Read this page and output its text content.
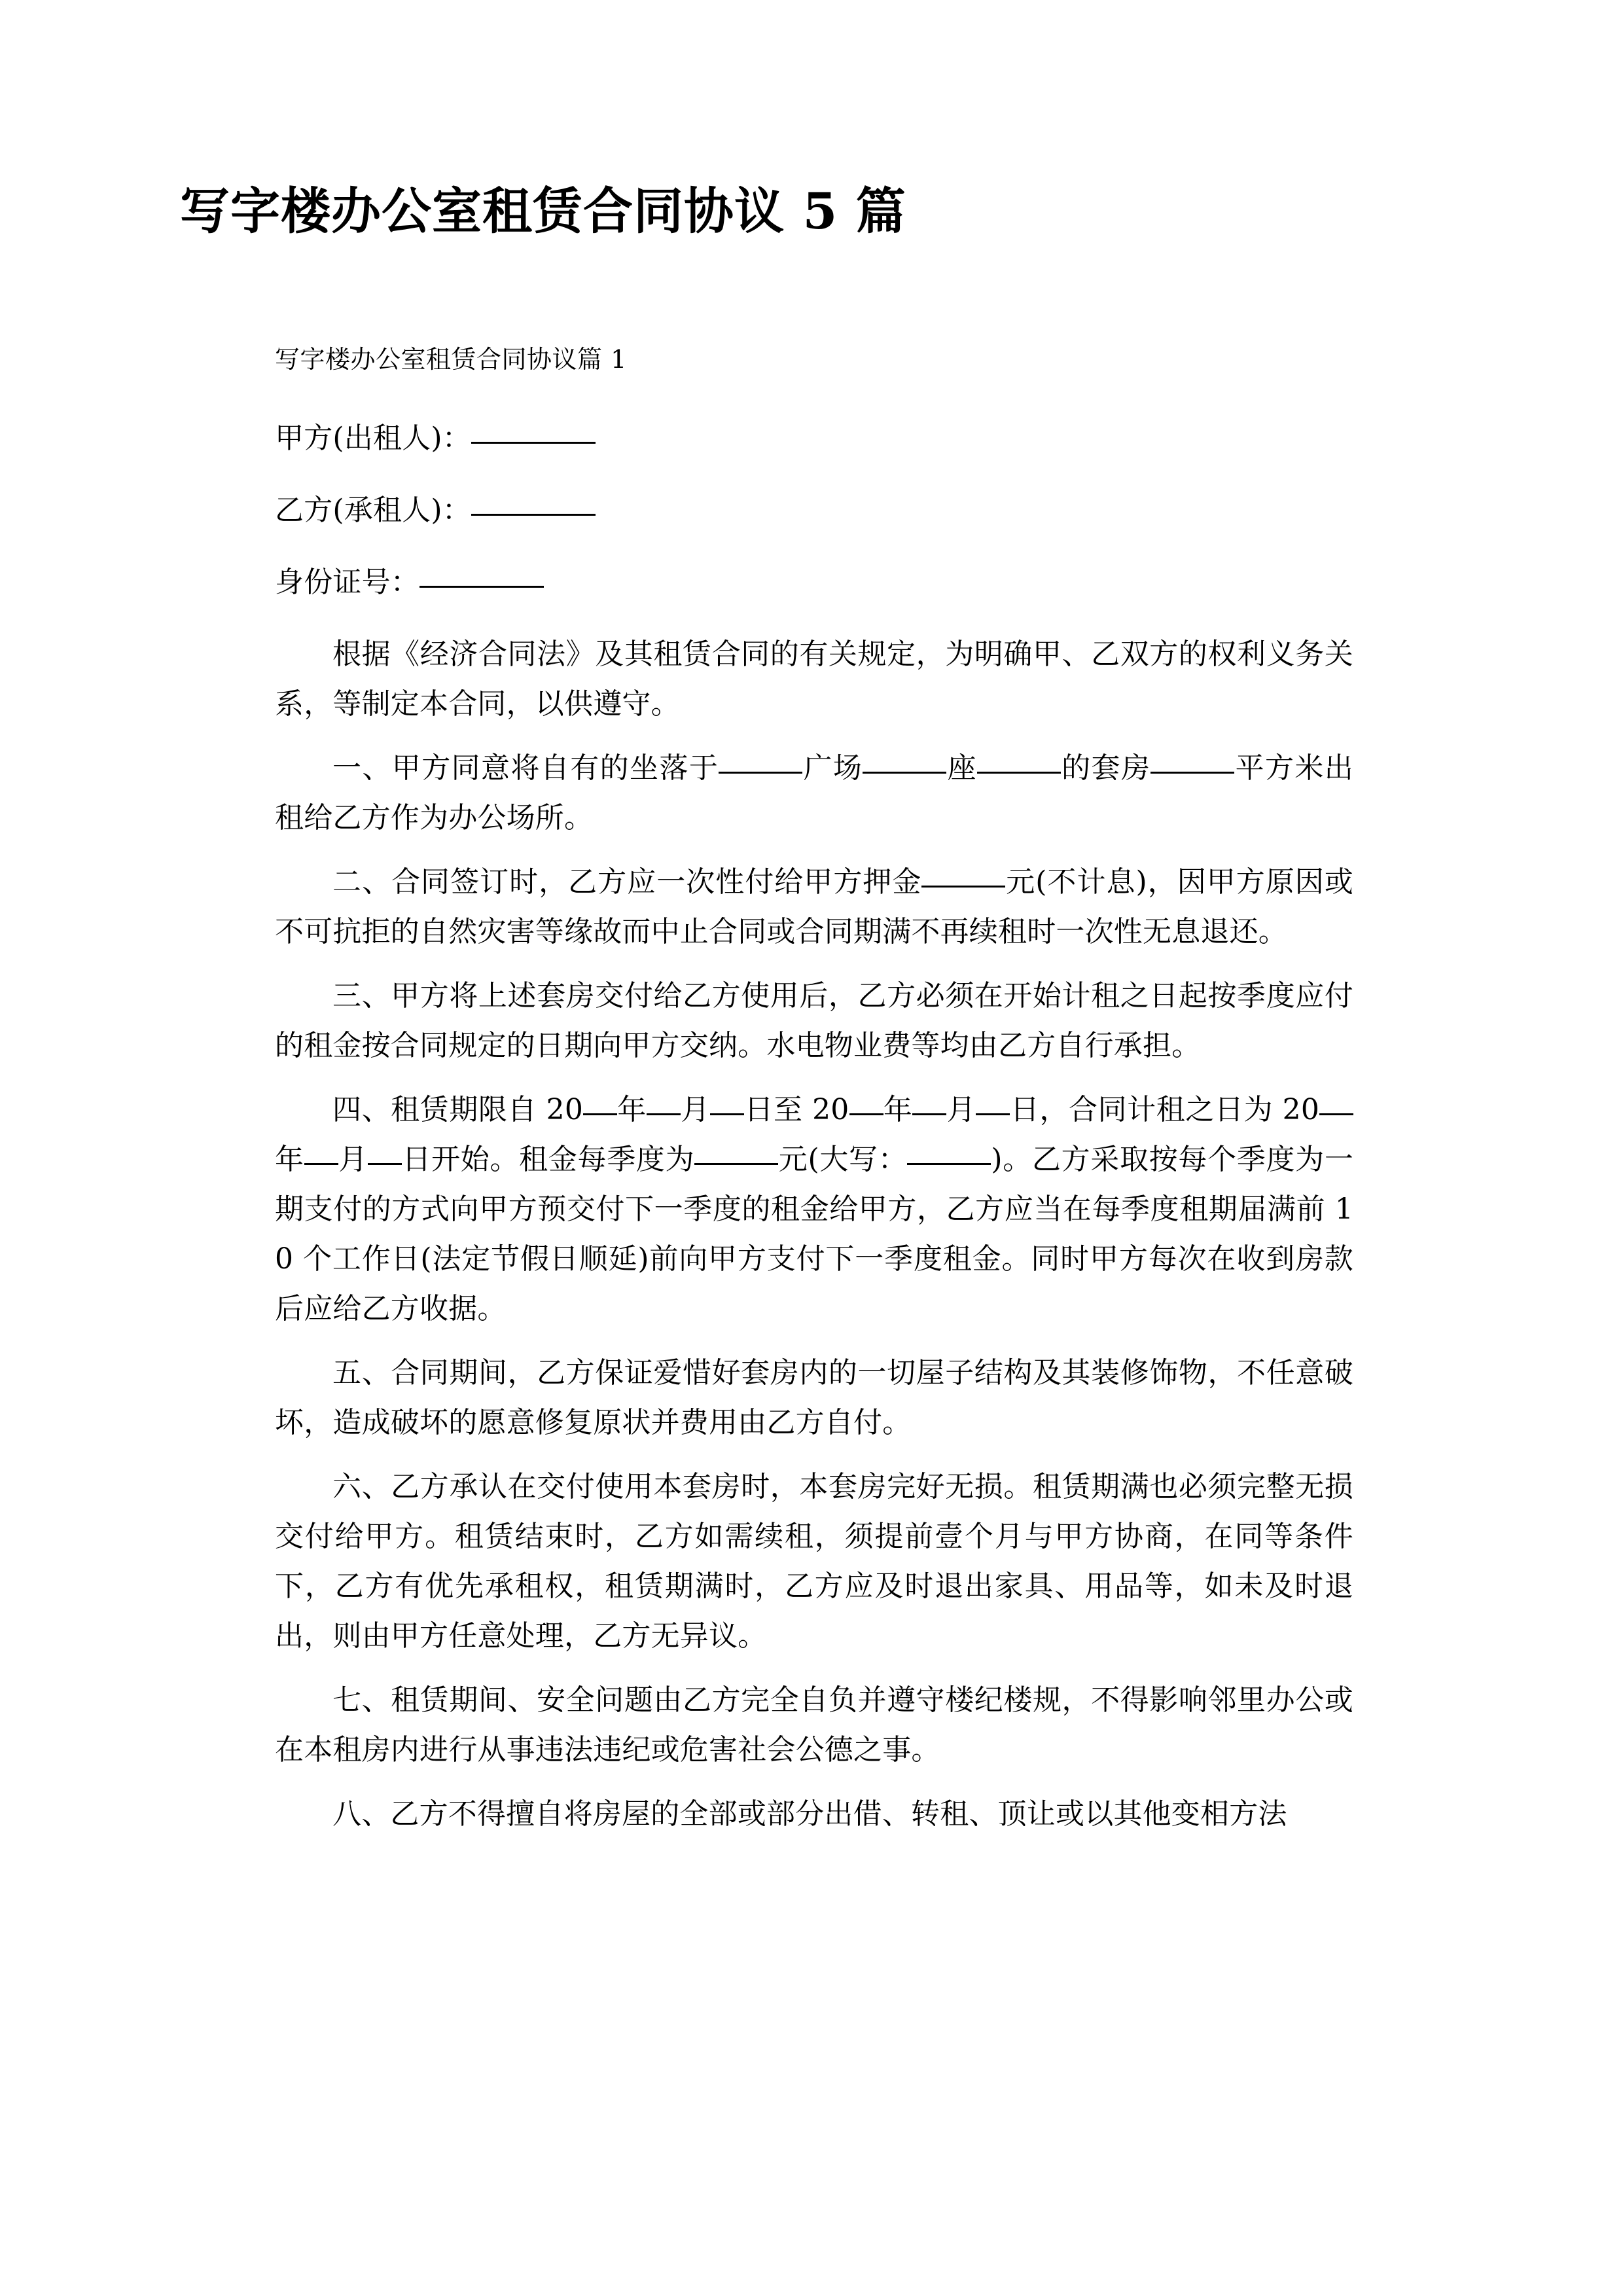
写字楼办公室租赁合同协议 5 篇

写字楼办公室租赁合同协议篇 1

甲方(出租人)：

乙方(承租人)：

身份证号：

根据《经济合同法》及其租赁合同的有关规定，为明确甲、乙双方的权利义务关系，等制定本合同，以供遵守。

一、甲方同意将自有的坐落于	广场	座	的套房	平方米出租给乙方作为办公场所。

二、合同签订时，乙方应一次性付给甲方押金	元(不计息)，因甲方原因或不可抗拒的自然灾害等缘故而中止合同或合同期满不再续租时一次性无息退还。

三、甲方将上述套房交付给乙方使用后，乙方必须在开始计租之日起按季度应付的租金按合同规定的日期向甲方交纳。水电物业费等均由乙方自行承担。

四、租赁期限自 20 年 月 日至 20 年 月 日，合同计租之日为 20年 月 日开始。租金每季度为	元(大写：	)。乙方采取按每个季度为一期支付的方式向甲方预交付下一季度的租金给甲方，乙方应当在每季度租期届满前 10 个工作日(法定节假日顺延)前向甲方支付下一季度租金。同时甲方每次在收到房款后应给乙方收据。

五、合同期间，乙方保证爱惜好套房内的一切屋子结构及其装修饰物，不任意破坏，造成破坏的愿意修复原状并费用由乙方自付。

六、乙方承认在交付使用本套房时，本套房完好无损。租赁期满也必须完整无损交付给甲方。租赁结束时，乙方如需续租，须提前壹个月与甲方协商，在同等条件下，乙方有优先承租权，租赁期满时，乙方应及时退出家具、用品等，如未及时退出，则由甲方任意处理，乙方无异议。

七、租赁期间、安全问题由乙方完全自负并遵守楼纪楼规，不得影响邻里办公或在本租房内进行从事违法违纪或危害社会公德之事。

八、乙方不得擅自将房屋的全部或部分出借、转租、顶让或以其他变相方法
